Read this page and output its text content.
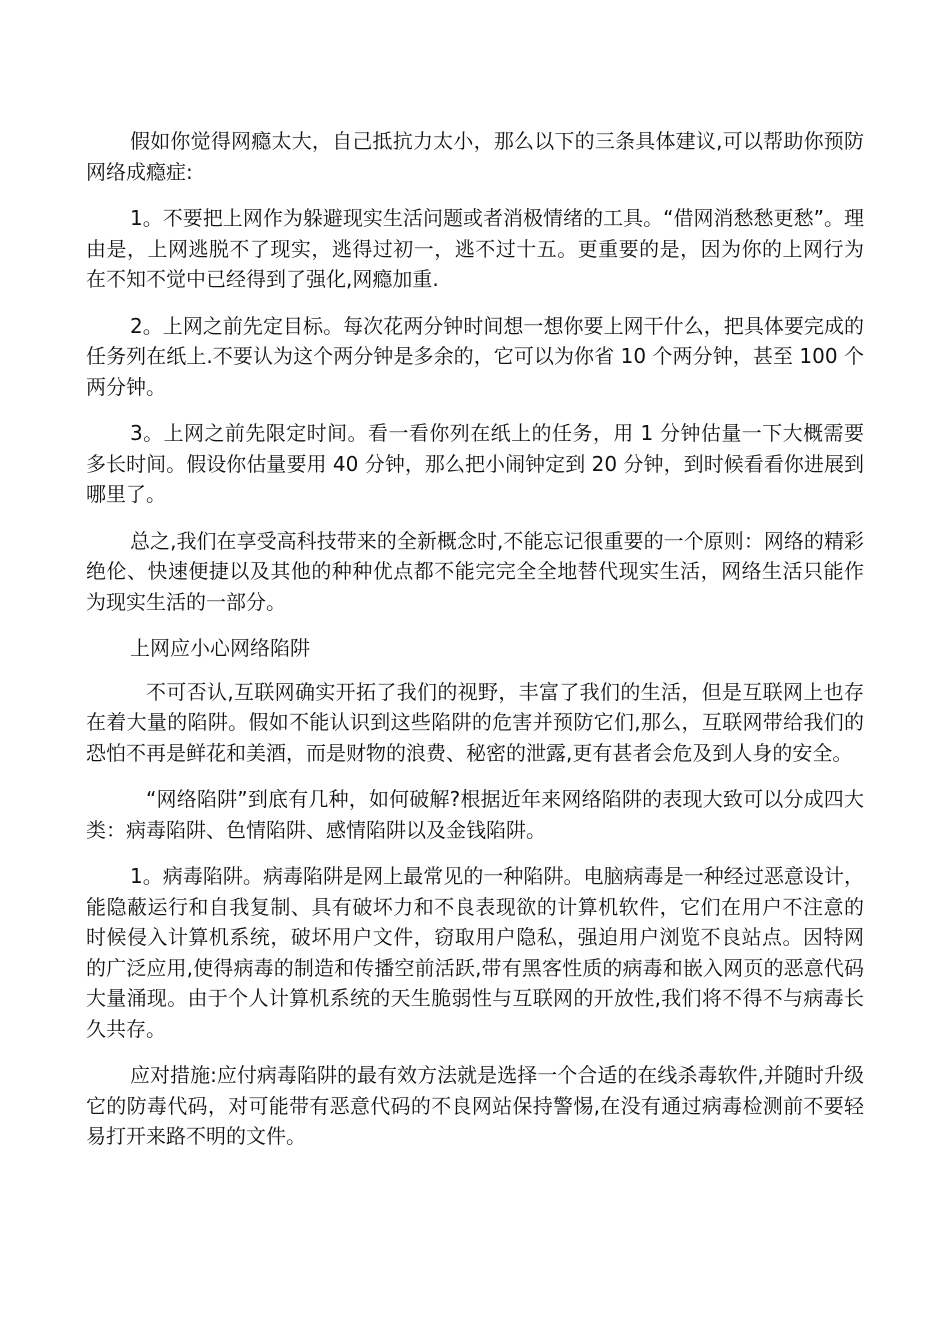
假如你觉得网瘾太大，自己抵抗力太小，那么以下的三条具体建议,可以帮助你预防网络成瘾症:

1。不要把上网作为躲避现实生活问题或者消极情绪的工具。“借网消愁愁更愁”。理由是，上网逃脱不了现实，逃得过初一，逃不过十五。更重要的是，因为你的上网行为在不知不觉中已经得到了强化,网瘾加重.

2。上网之前先定目标。每次花两分钟时间想一想你要上网干什么，把具体要完成的任务列在纸上.不要认为这个两分钟是多余的，它可以为你省 10 个两分钟，甚至 100 个两分钟。

3。上网之前先限定时间。看一看你列在纸上的任务，用 1 分钟估量一下大概需要多长时间。假设你估量要用 40 分钟，那么把小闹钟定到 20 分钟，到时候看看你进展到哪里了。

总之,我们在享受高科技带来的全新概念时,不能忘记很重要的一个原则：网络的精彩绝伦、快速便捷以及其他的种种优点都不能完完全全地替代现实生活，网络生活只能作为现实生活的一部分。

上网应小心网络陷阱

不可否认,互联网确实开拓了我们的视野，丰富了我们的生活，但是互联网上也存在着大量的陷阱。假如不能认识到这些陷阱的危害并预防它们,那么，互联网带给我们的恐怕不再是鲜花和美酒，而是财物的浪费、秘密的泄露,更有甚者会危及到人身的安全。

“网络陷阱”到底有几种，如何破解?根据近年来网络陷阱的表现大致可以分成四大类：病毒陷阱、色情陷阱、感情陷阱以及金钱陷阱。

1。病毒陷阱。病毒陷阱是网上最常见的一种陷阱。电脑病毒是一种经过恶意设计，能隐蔽运行和自我复制、具有破坏力和不良表现欲的计算机软件，它们在用户不注意的时候侵入计算机系统，破坏用户文件，窃取用户隐私，强迫用户浏览不良站点。因特网的广泛应用,使得病毒的制造和传播空前活跃,带有黑客性质的病毒和嵌入网页的恶意代码大量涌现。由于个人计算机系统的天生脆弱性与互联网的开放性,我们将不得不与病毒长久共存。

应对措施:应付病毒陷阱的最有效方法就是选择一个合适的在线杀毒软件,并随时升级它的防毒代码，对可能带有恶意代码的不良网站保持警惕,在没有通过病毒检测前不要轻易打开来路不明的文件。
